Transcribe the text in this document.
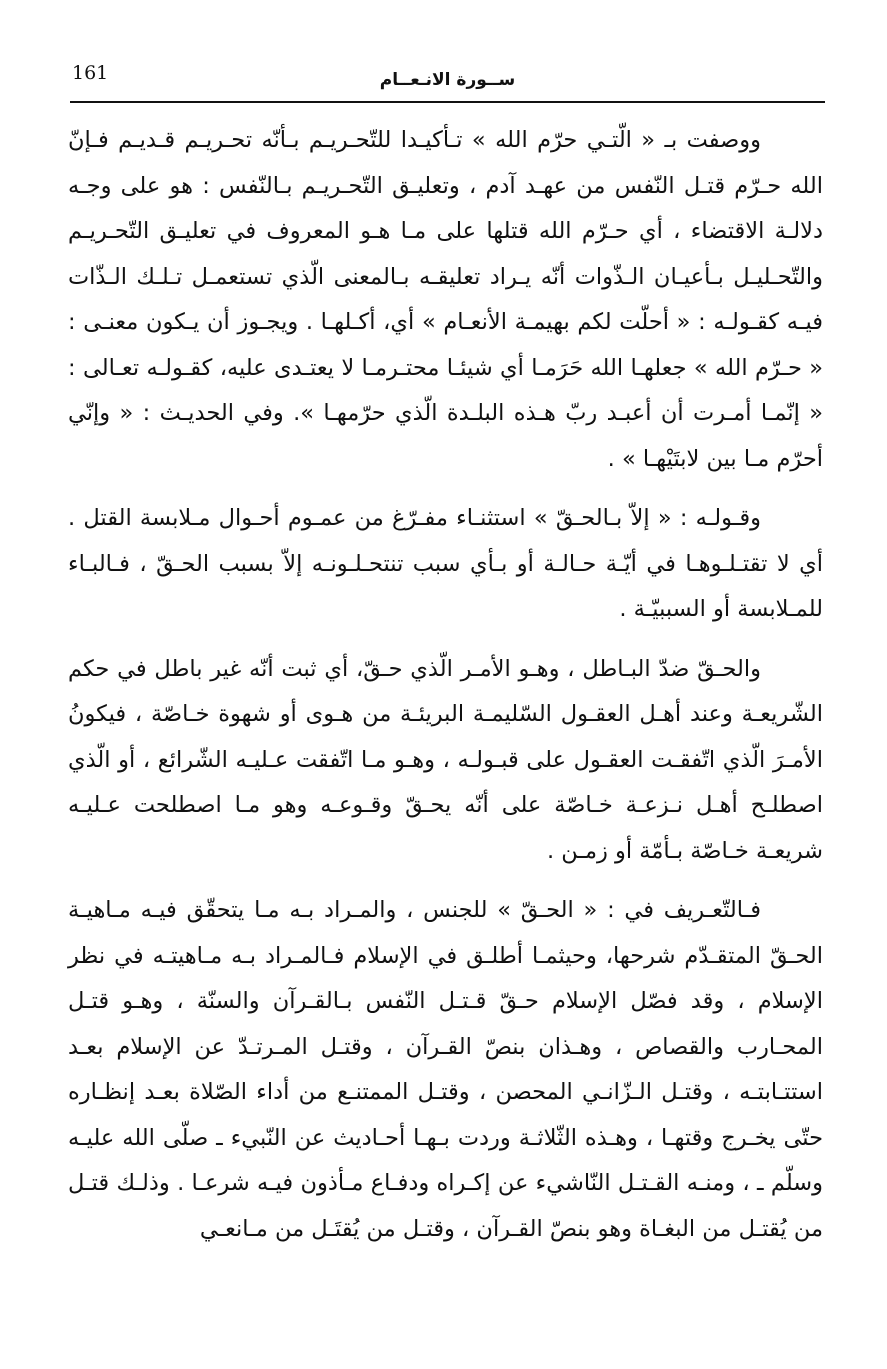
161	ســورة الانـعــام

ووصفت بـ « الّتـي حرّم الله » تـأكيـدا للتّحـريـم بـأنّه تحـريـم قـديـم فـإنّ الله حـرّم قتـل النّفس من عهـد آدم ، وتعليـق التّحـريـم بـالنّفس : هو على وجـه دلالـة الاقتضاء ، أي حـرّم الله قتلها على مـا هـو المعروف في تعليـق التّحـريـم والتّحـليـل بـأعيـان الـذّوات أنّه يـراد تعليقـه بـالمعنى الّذي تستعمـل تـلـك الـذّات فيـه كقـولـه : « أحلّت لكم بهيمـة الأنعـام » أي، أكـلهـا . ويجـوز أن يـكون معنـى : « حـرّم الله » جعلهـا الله حَرَمـا أي شيئـا محتـرمـا لا يعتـدى عليه، كقـولـه تعـالى : « إنّمـا أمـرت أن أعبـد ربّ هـذه البلـدة الّذي حرّمهـا ». وفي الحديـث : « وإنّي أحرّم مـا بين لابتَيْهـا » .

وقـولـه : « إلاّ بـالحـقّ » استثنـاء مفـرّغ من عمـوم أحـوال مـلابسة القتل . أي لا تقتـلـوهـا في أيّـة حـالـة أو بـأي سبب تنتحـلـونـه إلاّ بسبب الحـقّ ، فـالبـاء للمـلابسة أو السببيّـة .

والحـقّ ضدّ البـاطل ، وهـو الأمـر الّذي حـقّ، أي ثبت أنّه غير باطل في حكم الشّريعـة وعند أهـل العقـول السّليمـة البريئـة من هـوى أو شهوة خـاصّة ، فيكونُ الأمـرَ الّذي اتّفقـت العقـول على قبـولـه ، وهـو مـا اتّفقت عـليـه الشّرائع ، أو الّذي اصطلـح أهـل نـزعـة خـاصّة على أنّه يحـقّ وقـوعـه وهو مـا اصطلحت عـليـه شريعـة خـاصّة بـأمّة أو زمـن .

فـالتّعـريف في : « الحـقّ » للجنس ، والمـراد بـه مـا يتحقّق فيـه مـاهيـة الحـقّ المتقـدّم شرحها، وحيثمـا أطلـق في الإسلام فـالمـراد بـه مـاهيتـه في نظر الإسلام ، وقد فصّل الإسلام حـقّ قـتـل النّفس بـالقـرآن والسنّة ، وهـو قتـل المحـارب والقصاص ، وهـذان بنصّ القـرآن ، وقتـل المـرتـدّ عن الإسلام بعـد استتـابتـه ، وقتـل الـزّانـي المحصن ، وقتـل الممتنـع من أداء الصّلاة بعـد إنظـاره حتّى يخـرج وقتهـا ، وهـذه الثّلاثـة وردت بـهـا أحـاديث عن النّبيء ـ صلّى الله عليـه وسلّم ـ ، ومنـه القـتـل النّاشيء عن إكـراه ودفـاع مـأذون فيـه شرعـا . وذلـك قتـل من يُقتـل من البغـاة وهو بنصّ القـرآن ، وقتـل من يُقتَـل من مـانعـي
